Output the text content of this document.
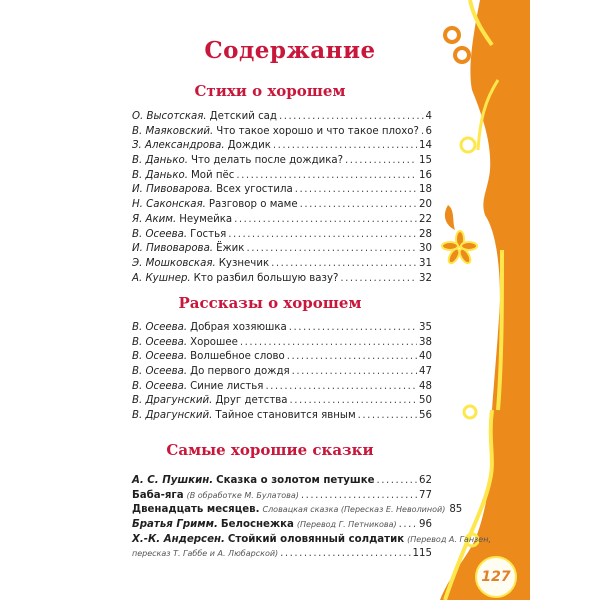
127
Содержание
Стихи о хорошем
О. Высотская. Детский сад .....	4
В. Маяковский. Что такое хорошо и что такое плохо? ..... 6
З. Александрова. Дождик .....	14
В. Данько. Что делать после дождика? .....	15
В. Данько. Мой пёс .....	16
И. Пивоварова. Всех угостила .....	18
Н. Саконская. Разговор о маме .....	20
Я. Аким. Неумейка .....	22
В. Осеева. Гостья .....	28
И. Пивоварова. Ёжик .....	30
Э. Мошковская. Кузнечик .....	31
А. Кушнер. Кто разбил большую вазу? .....	32
Рассказы о хорошем
В. Осеева. Добрая хозяюшка .....	35
В. Осеева. Хорошее .....	38
В. Осеева. Волшебное слово .....	40
В. Осеева. До первого дождя .....	47
В. Осеева. Синие листья .....	48
В. Драгунский. Друг детства .....	50
В. Драгунский. Тайное становится явным .....	56
Самые хорошие сказки
А. С. Пушкин. Сказка о золотом петушке .....	62
Баба-яга (В обработке М. Булатова) .....	77
Двенадцать месяцев. Словацкая сказка (Пересказ Е. Неволиной) 85
Братья Гримм. Белоснежка (Перевод Г. Петникова) ..... 96
Х.-К. Андерсен. Стойкий оловянный солдатик (Перевод А. Ганзен,
пересказ Т. Габбе и А. Любарской) .....	115
